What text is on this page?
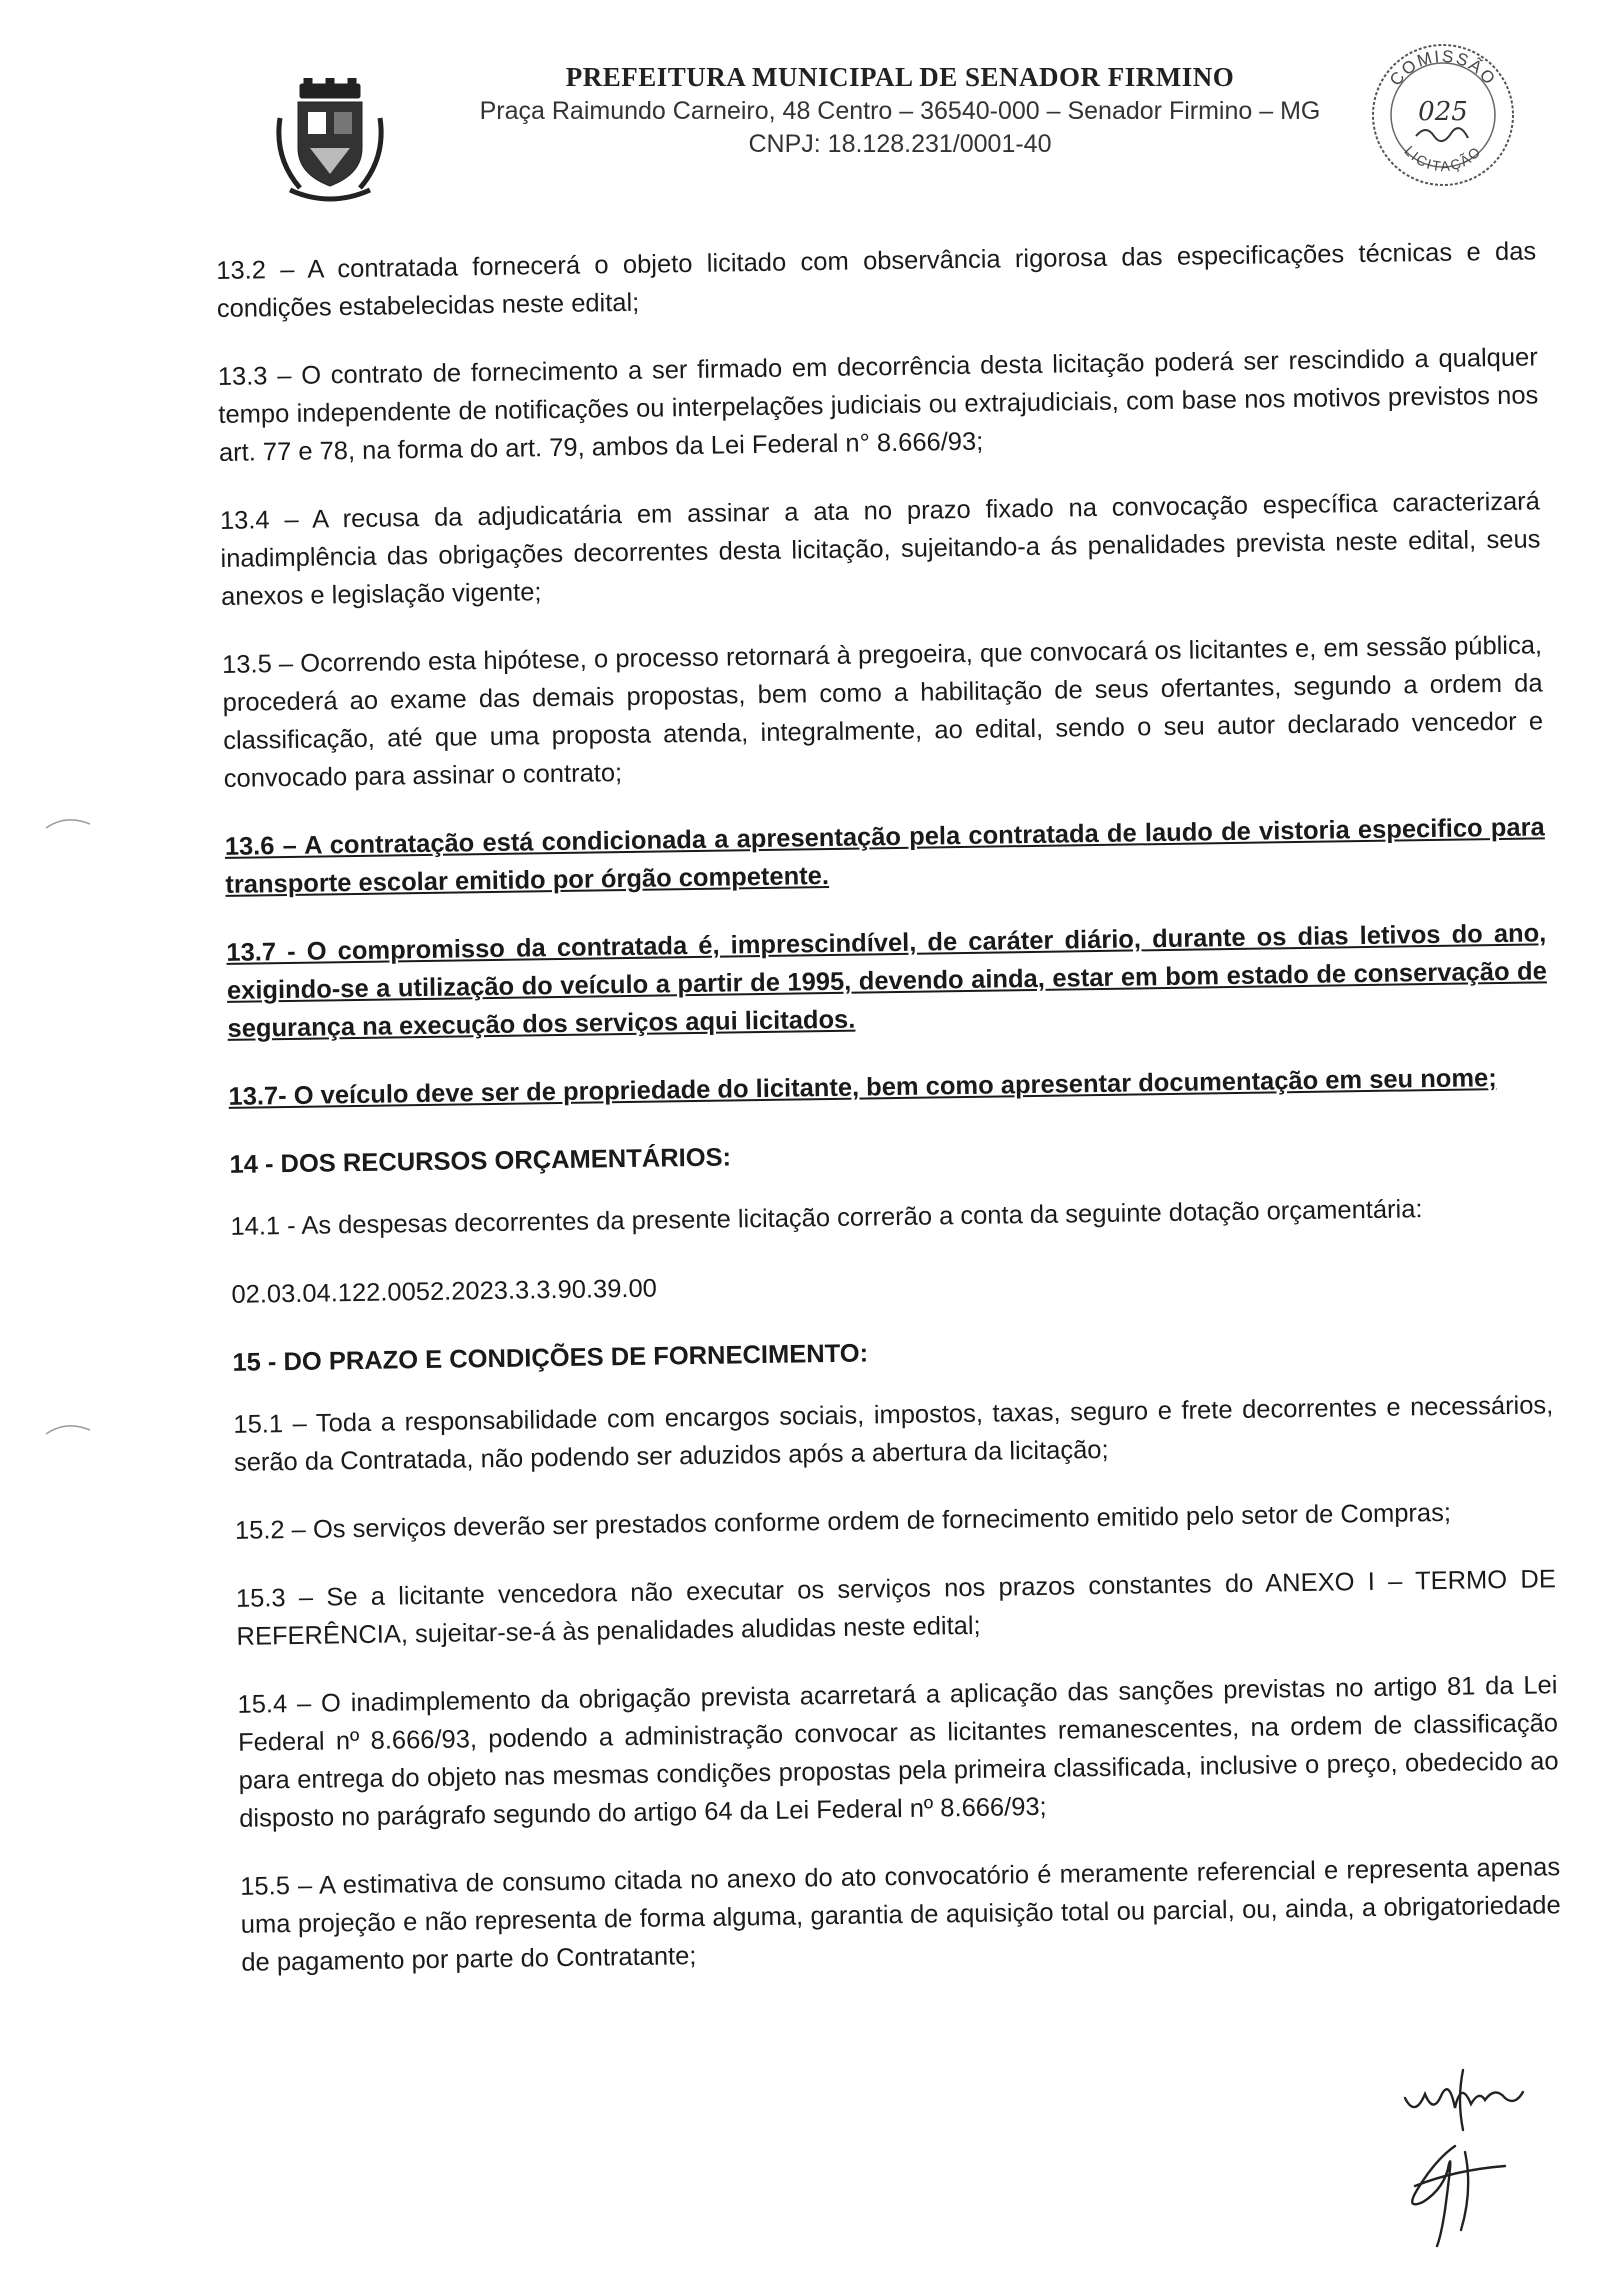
PREFEITURA MUNICIPAL DE SENADOR FIRMINO
Praça Raimundo Carneiro, 48 Centro – 36540-000 – Senador Firmino – MG
CNPJ: 18.128.231/0001-40
COMISSÃO
LICITAÇÃO
025

13.2 – A contratada fornecerá o objeto licitado com observância rigorosa das especificações técnicas e das condições estabelecidas neste edital;

13.3 – O contrato de fornecimento a ser firmado em decorrência desta licitação poderá ser rescindido a qualquer tempo independente de notificações ou interpelações judiciais ou extrajudiciais, com base nos motivos previstos nos art. 77 e 78, na forma do art. 79, ambos da Lei Federal n° 8.666/93;

13.4 – A recusa da adjudicatária em assinar a ata no prazo fixado na convocação específica caracterizará inadimplência das obrigações decorrentes desta licitação, sujeitando-a ás penalidades prevista neste edital, seus anexos e legislação vigente;

13.5 – Ocorrendo esta hipótese, o processo retornará à pregoeira, que convocará os licitantes e, em sessão pública, procederá ao exame das demais propostas, bem como a habilitação de seus ofertantes, segundo a ordem da classificação, até que uma proposta atenda, integralmente, ao edital, sendo o seu autor declarado vencedor e convocado para assinar o contrato;

13.6 – A contratação está condicionada a apresentação pela contratada de laudo de vistoria especifico para transporte escolar emitido por órgão competente.

13.7 - O compromisso da contratada é, imprescindível, de caráter diário, durante os dias letivos do ano, exigindo-se a utilização do veículo a partir de 1995, devendo ainda, estar em bom estado de conservação de segurança na execução dos serviços aqui licitados.

13.7- O veículo deve ser de propriedade do licitante, bem como apresentar documentação em seu nome;

14 - DOS RECURSOS ORÇAMENTÁRIOS:

14.1 - As despesas decorrentes da presente licitação correrão a conta da seguinte dotação orçamentária:

02.03.04.122.0052.2023.3.3.90.39.00

15 - DO PRAZO E CONDIÇÕES DE FORNECIMENTO:

15.1 – Toda a responsabilidade com encargos sociais, impostos, taxas, seguro e frete decorrentes e necessários, serão da Contratada, não podendo ser aduzidos após a abertura da licitação;

15.2 – Os serviços deverão ser prestados conforme ordem de fornecimento emitido pelo setor de Compras;

15.3 – Se a licitante vencedora não executar os serviços nos prazos constantes do ANEXO I – TERMO DE REFERÊNCIA, sujeitar-se-á às penalidades aludidas neste edital;

15.4 – O inadimplemento da obrigação prevista acarretará a aplicação das sanções previstas no artigo 81 da Lei Federal nº 8.666/93, podendo a administração convocar as licitantes remanescentes, na ordem de classificação para entrega do objeto nas mesmas condições propostas pela primeira classificada, inclusive o preço, obedecido ao disposto no parágrafo segundo do artigo 64 da Lei Federal nº 8.666/93;

15.5 – A estimativa de consumo citada no anexo do ato convocatório é meramente referencial e representa apenas uma projeção e não representa de forma alguma, garantia de aquisição total ou parcial, ou, ainda, a obrigatoriedade de pagamento por parte do Contratante;
